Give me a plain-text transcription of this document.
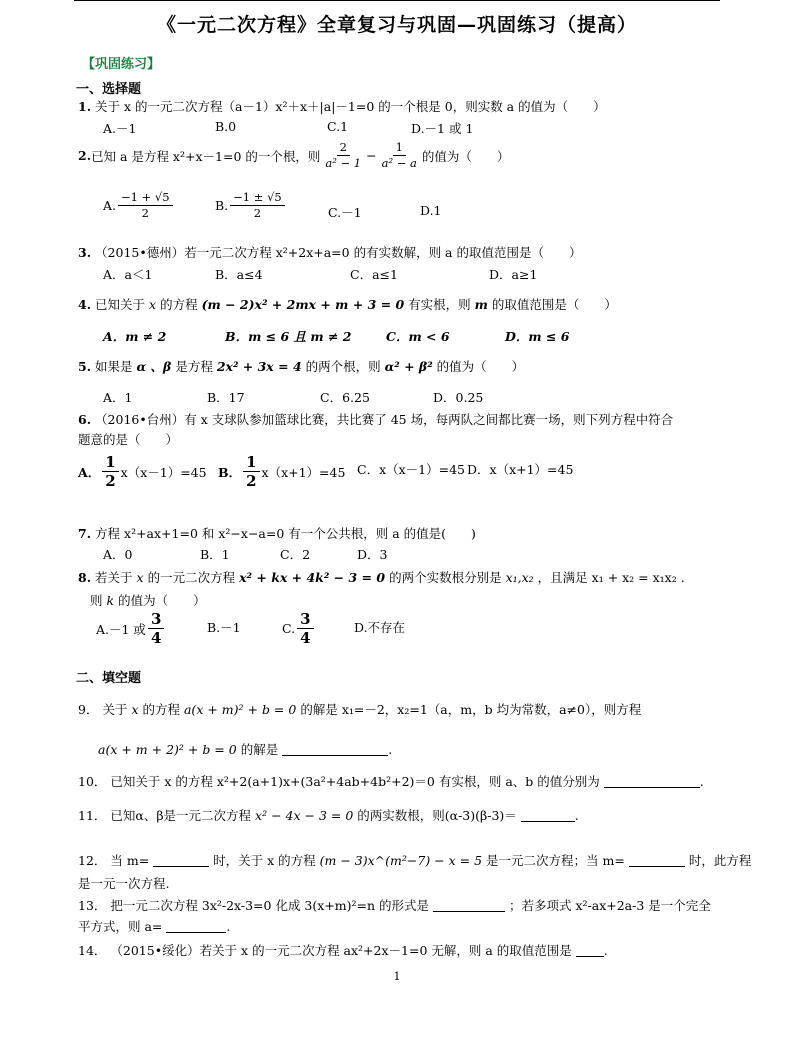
《一元二次方程》全章复习与巩固—巩固练习（提高）
【巩固练习】
一、选择题
1. 关于 x 的一元二次方程（a－1）x²＋x＋|a|－1=0 的一个根是 0，则实数 a 的值为（　　）
A.－1	B.0	C.1	D.－1 或 1
2. 已知 a 是方程 x²+x－1=0 的一个根，则 $\frac{2}{\text{a² − 1}} - \frac{1}{\text{a² − a}}$ 的值为（　　）
A. $\frac{-1 + √5}{2}$	B. $\frac{-1 \pm √5}{2}$	C.－1	D.1
3. （2015•德州）若一元二次方程 x²+2x+a=0 的有实数解，则 a 的取值范围是（　　）
A．a＜1	B．a≤4	C．a≤1	D．a≥1
4. 已知关于 x 的方程 (m − 2)x² + 2mx + m + 3 = 0 有实根，则 m 的取值范围是（　　）
A．m ≠ 2	B．m ≤ 6 且 m ≠ 2	C．m < 6	D．m ≤ 6
5. 如果是 α 、β 是方程 2x² + 3x = 4 的两个根，则 α² + β² 的值为（　　）
A．1	B．17	C．6.25	D．0.25
6. （2016•台州）有 x 支球队参加篮球比赛，共比赛了 45 场，每两队之间都比赛一场，则下列方程中符合
题意的是（　　）
A． $\frac{1}{2} x(x-1)=45$ B． $\frac{1}{2} x(x+1)=45$ C．x（x－1）=45 D．x（x+1）=45
7. 方程 x²+ax+1=0 和 x²−x−a=0 有一个公共根，则 a 的值是(　　)
A．0	B．1	C．2	D．3
8. 若关于 x 的一元二次方程 x² + kx + 4k² − 3 = 0 的两个实数根分别是 x₁,x₂ ，且满足 x₁ + x₂ = x₁x₂ .
则 k 的值为（　　）
A.－1 或 $\frac{3}{4}$	B.－1	C. $\frac{3}{4}$	D.不存在
二、填空题
9． 关于 x 的方程 a(x + m)² + b = 0 的解是 x₁=－2，x₂=1（a，m，b 均为常数，a≠0），则方程
a(x + m + 2)² + b = 0 的解是	.
10． 已知关于 x 的方程 x²+2(a+1)x+(3a²+4ab+4b²+2)＝0 有实根，则 a、b 的值分别为	.
11． 已知α、β是一元二次方程 x² − 4x − 3 = 0 的两实数根，则(α-3)(β-3)＝	.
12． 当 m=	时，关于 x 的方程 (m − 3)x^(m²−7) − x = 5 是一元二次方程；当 m=	时，此方程
是一元一次方程.
13． 把一元二次方程 3x²-2x-3=0 化成 3(x+m)²=n 的形式是	；若多项式 x²-ax+2a-3 是一个完全
平方式，则 a=	.
14． （2015•绥化）若关于 x 的一元二次方程 ax²+2x－1=0 无解，则 a 的取值范围是	.
1
